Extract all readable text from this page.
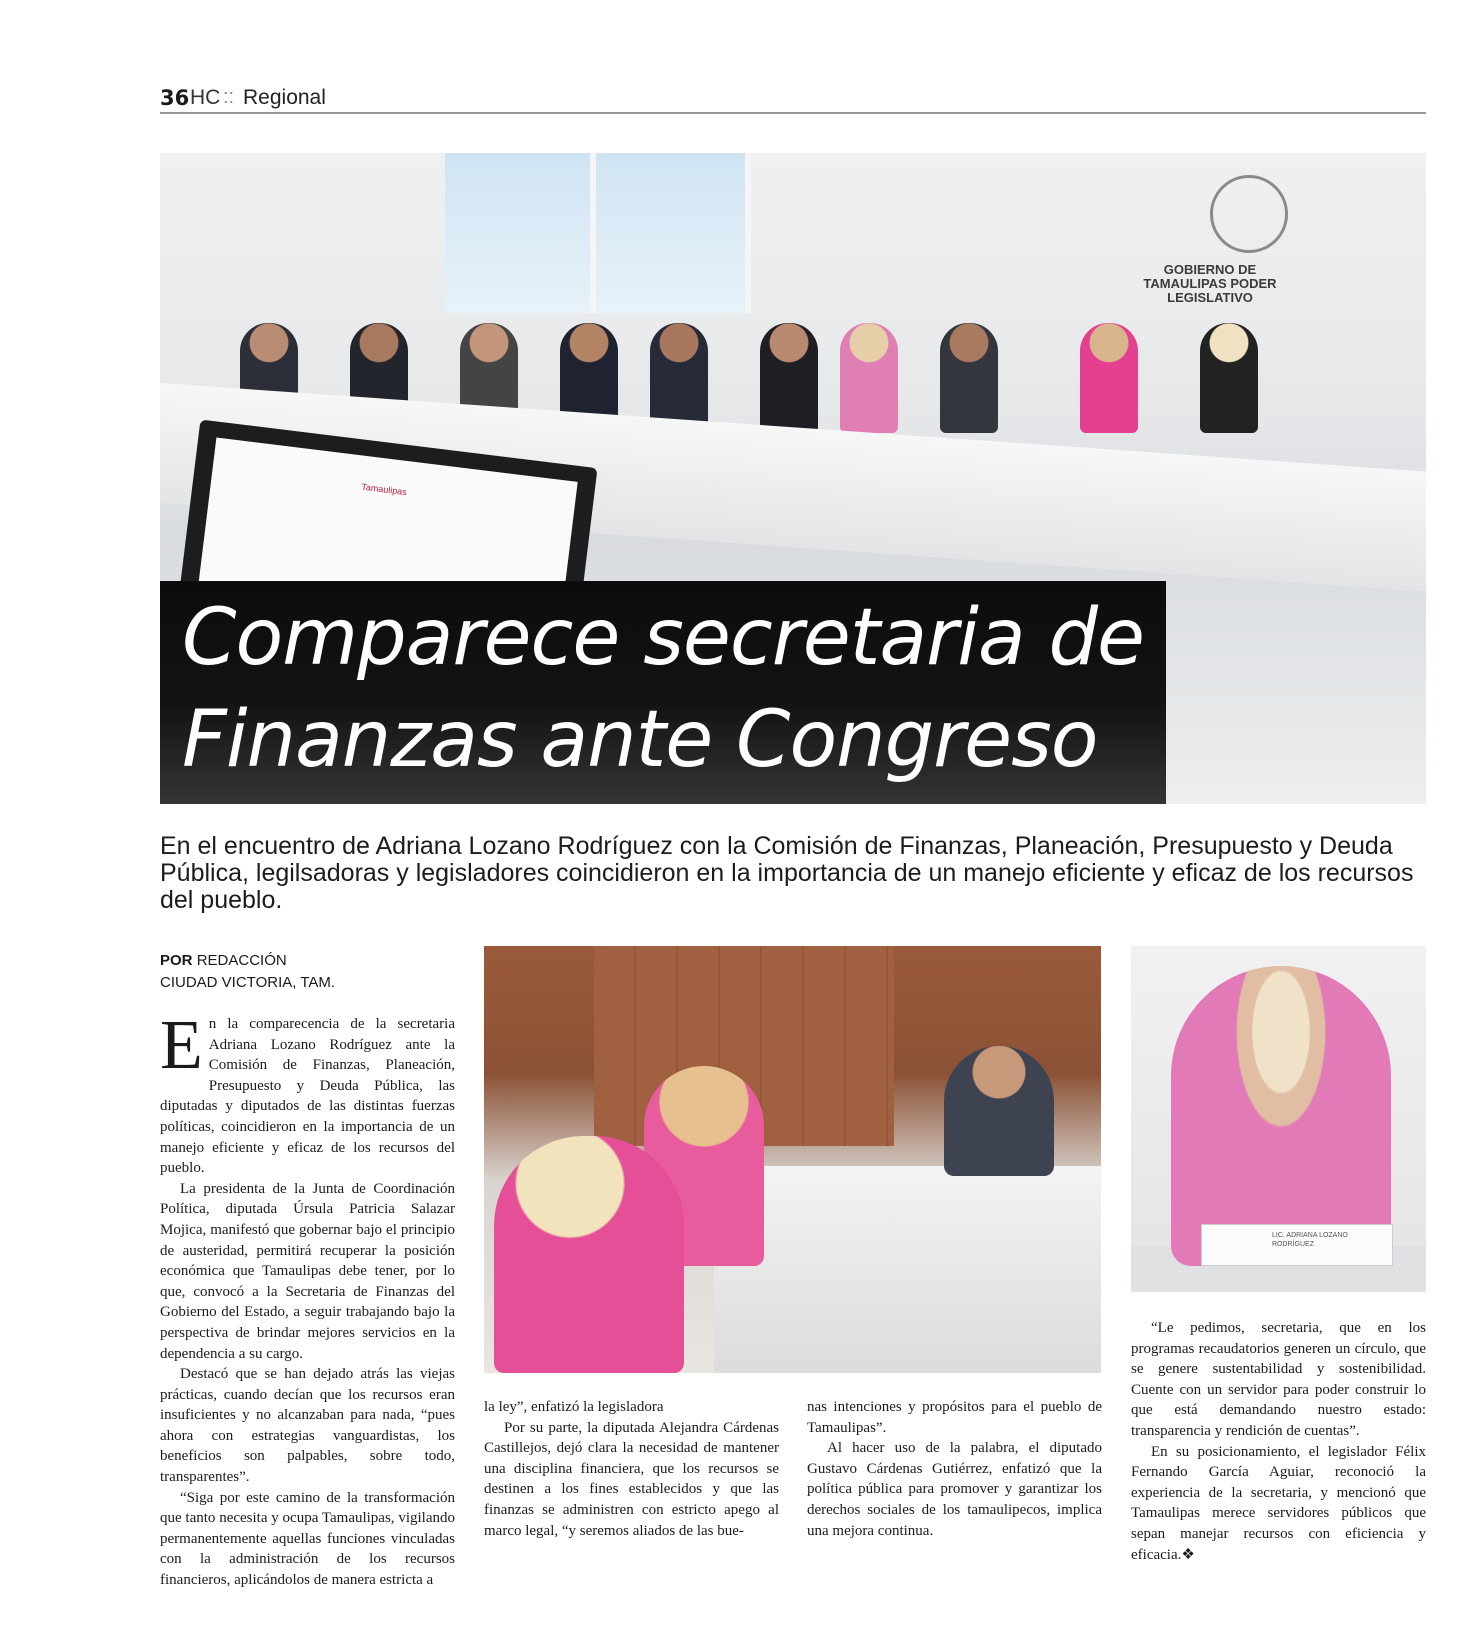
36 HC :: Regional
GOBIERNO DE TAMAULIPAS PODER LEGISLATIVO
Tamaulipas
Comparece secretaria de Finanzas ante Congreso

En el encuentro de Adriana Lozano Rodríguez con la Comisión de Finanzas, Planeación, Presupuesto y Deuda Pública, legilsadoras y legisladores coincidieron en la importancia de un manejo eficiente y eficaz de los recursos del pueblo.

POR REDACCIÓN
CIUDAD VICTORIA, TAM.

En la comparecencia de la secretaria Adriana Lozano Rodríguez ante la Comisión de Finanzas, Planeación, Presupuesto y Deuda Pública, las diputadas y diputados de las distintas fuerzas políticas, coincidieron en la importancia de un manejo eficiente y eficaz de los recursos del pueblo.

La presidenta de la Junta de Coordinación Política, diputada Úrsula Patricia Salazar Mojica, manifestó que gobernar bajo el principio de austeridad, permitirá recuperar la posición económica que Tamaulipas debe tener, por lo que, convocó a la Secretaria de Finanzas del Gobierno del Estado, a seguir trabajando bajo la perspectiva de brindar mejores servicios en la dependencia a su cargo.

Destacó que se han dejado atrás las viejas prácticas, cuando decían que los recursos eran insuficientes y no alcanzaban para nada, “pues ahora con estrategias vanguardistas, los beneficios son palpables, sobre todo, transparentes”.

“Siga por este camino de la transformación que tanto necesita y ocupa Tamaulipas, vigilando permanentemente aquellas funciones vinculadas con la administración de los recursos financieros, aplicándolos de manera estricta a

la ley”, enfatizó la legisladora

Por su parte, la diputada Alejandra Cárdenas Castillejos, dejó clara la necesidad de mantener una disciplina financiera, que los recursos se destinen a los fines establecidos y que las finanzas se administren con estricto apego al marco legal, “y seremos aliados de las bue-

nas intenciones y propósitos para el pueblo de Tamaulipas”.

Al hacer uso de la palabra, el diputado Gustavo Cárdenas Gutiérrez, enfatizó que la política pública para promover y garantizar los derechos sociales de los tamaulipecos, implica una mejora continua.

LIC. ADRIANA LOZANO RODRÍGUEZ

“Le pedimos, secretaria, que en los programas recaudatorios generen un círculo, que se genere sustentabilidad y sostenibilidad. Cuente con un servidor para poder construir lo que está demandando nuestro estado: transparencia y rendición de cuentas”.

En su posicionamiento, el legislador Félix Fernando García Aguiar, reconoció la experiencia de la secretaria, y mencionó que Tamaulipas merece servidores públicos que sepan manejar recursos con eficiencia y eficacia.❖
